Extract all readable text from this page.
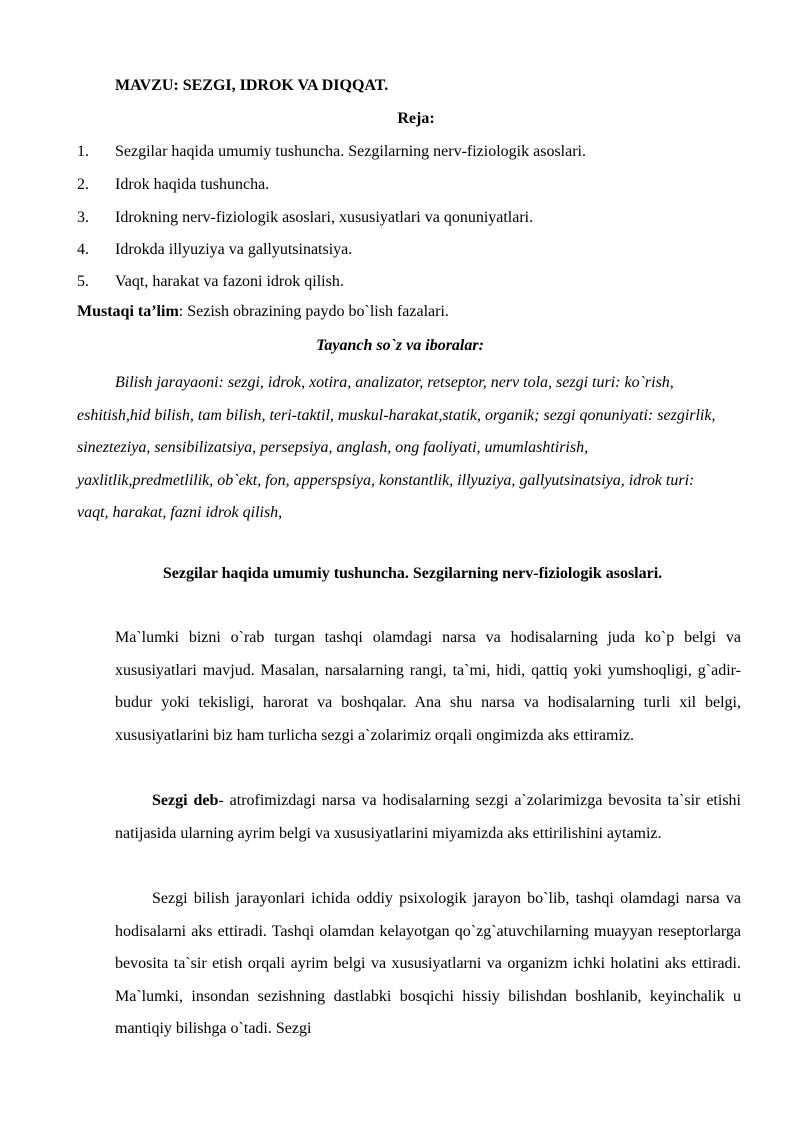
MAVZU: SEZGI, IDROK VA DIQQAT.
Reja:
1. Sezgilar haqida umumiy tushuncha. Sezgilarning nerv-fiziologik asoslari.
2. Idrok haqida tushuncha.
3. Idrokning nerv-fiziologik asoslari, xususiyatlari va qonuniyatlari.
4. Idrokda illyuziya va gallyutsinatsiya.
5. Vaqt, harakat va fazoni idrok qilish.
Mustaqi ta’lim: Sezish obrazining paydo bo`lish fazalari.
Tayanch so`z va iboralar:
Bilish jarayaoni: sezgi, idrok, xotira, analizator, retseptor, nerv tola, sezgi turi: ko`rish, eshitish,hid bilish, tam bilish, teri-taktil, muskul-harakat,statik, organik; sezgi qonuniyati: sezgirlik, sinezteziya, sensibilizatsiya, persepsiya, anglash, ong faoliyati, umumlashtirish, yaxlitlik,predmetlilik, ob`ekt, fon, apperspsiya, konstantlik, illyuziya, gallyutsinatsiya, idrok turi: vaqt, harakat, fazni idrok qilish,
Sezgilar haqida umumiy tushuncha. Sezgilarning nerv-fiziologik asoslari.
Ma`lumki bizni o`rab turgan tashqi olamdagi narsa va hodisalarning juda ko`p belgi va xususiyatlari mavjud. Masalan, narsalarning rangi, ta`mi, hidi, qattiq yoki yumshoqligi, g`adir-budur yoki tekisligi, harorat va boshqalar. Ana shu narsa va hodisalarning turli xil belgi, xususiyatlarini biz ham turlicha sezgi a`zolarimiz orqali ongimizda aks ettiramiz.
Sezgi deb- atrofimizdagi narsa va hodisalarning sezgi a`zolarimizga bevosita ta`sir etishi natijasida ularning ayrim belgi va xususiyatlarini miyamizda aks ettirilishini aytamiz.
Sezgi bilish jarayonlari ichida oddiy psixologik jarayon bo`lib, tashqi olamdagi narsa va hodisalarni aks ettiradi. Tashqi olamdan kelayotgan qo`zg`atuvchilarning muayyan reseptorlarga bevosita ta`sir etish orqali ayrim belgi va xususiyatlarni va organizm ichki holatini aks ettiradi. Ma`lumki, insondan sezishning dastlabki bosqichi hissiy bilishdan boshlanib, keyinchalik u mantiqiy bilishga o`tadi. Sezgi
